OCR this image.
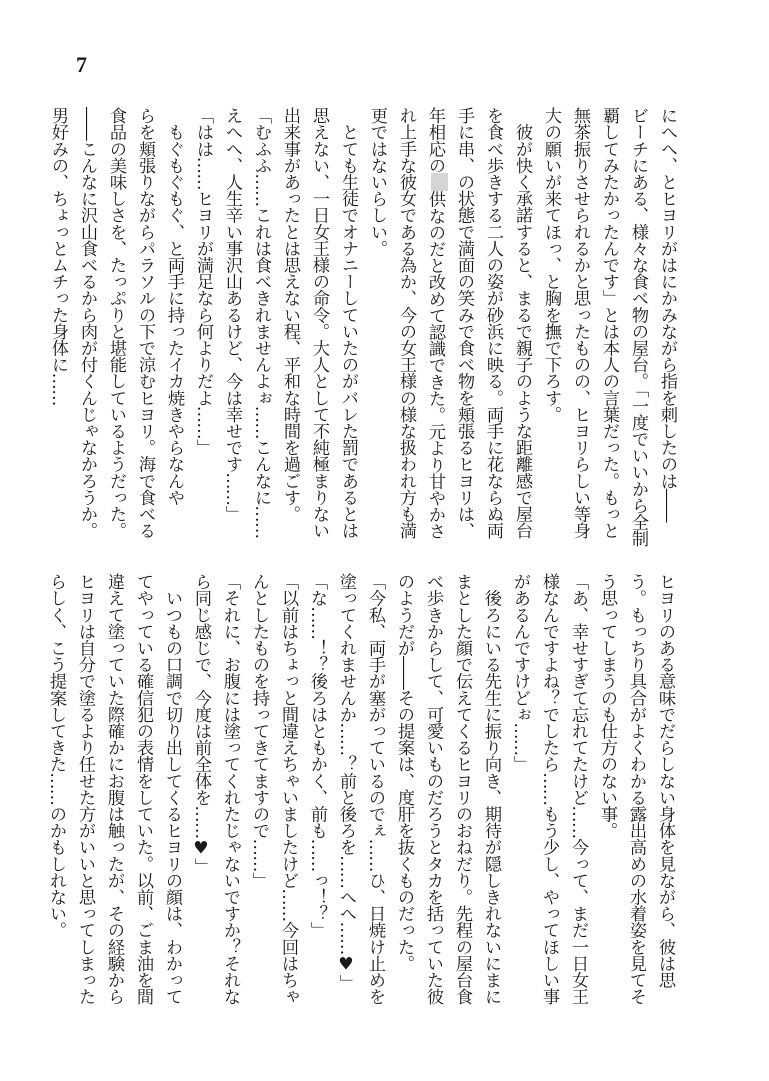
7
にへへ、とヒヨリがはにかみながら指を刺したのは――
ビーチにある、様々な食べ物の屋台。「一度でいいから全制
覇してみたかったんです」とは本人の言葉だった。もっと
無茶振りさせられるかと思ったものの、ヒヨリらしい等身
大の願いが来てほっ、と胸を撫で下ろす。
　彼が快く承諾すると、まるで親子のような距離感で屋台
を食べ歩きする二人の姿が砂浜に映る。両手に花ならぬ両
手に串、の状態で満面の笑みで食べ物を頬張るヒヨリは、
年相応の供なのだと改めて認識できた。元より甘やかさ
れ上手な彼女である為か、今の女王様の様な扱われ方も満
更ではないらしい。
　とても生徒でオナニーしていたのがバレた罰であるとは
思えない、一日女王様の命令。大人として不純極まりない
出来事があったとは思えない程、平和な時間を過ごす。
「むふふ……これは食べきれませんよぉ……こんなに……
えへへ、人生辛い事沢山あるけど、今は幸せです……」
「はは……ヒヨリが満足なら何よりだよ……」
　もぐもぐもぐ、と両手に持ったイカ焼きやらなんや
らを頬張りながらパラソルの下で涼むヒヨリ。海で食べる
食品の美味しさを、たっぷりと堪能しているようだった。
――こんなに沢山食べるから肉が付くんじゃなかろうか。
男好みの、ちょっとムチった身体に……
ヒヨリのある意味でだらしない身体を見ながら、彼は思
う。もっちり具合がよくわかる露出高めの水着姿を見てそ
う思ってしまうのも仕方のない事。
「あ、幸せすぎて忘れてたけど……今って、まだ一日女王
様なんですよね？でしたら……もう少し、やってほしい事
があるんですけどぉ……」
　後ろにいる先生に振り向き、期待が隠しきれないにまに
まとした顔で伝えてくるヒヨリのおねだり。先程の屋台食
べ歩きからして、可愛いものだろうとタカを括っていた彼
のようだが――その提案は、度肝を抜くものだった。
「今私、両手が塞がっているのでぇ……ひ、日焼け止めを
塗ってくれませんか……？前と後ろを……へへ……♥」
「な……！？後ろはともかく、前も……っ！？」
「以前はちょっと間違えちゃいましたけど……今回はちゃ
んとしたものを持ってきてますので……」
「それに、お腹には塗ってくれたじゃないですか？それな
ら同じ感じで、今度は前全体を……♥」
　いつもの口調で切り出してくるヒヨリの顔は、わかって
てやっている確信犯の表情をしていた。以前、ごま油を間
違えて塗っていた際確かにお腹は触ったが、その経験から
ヒヨリは自分で塗るより任せた方がいいと思ってしまった
らしく、こう提案してきた……のかもしれない。
